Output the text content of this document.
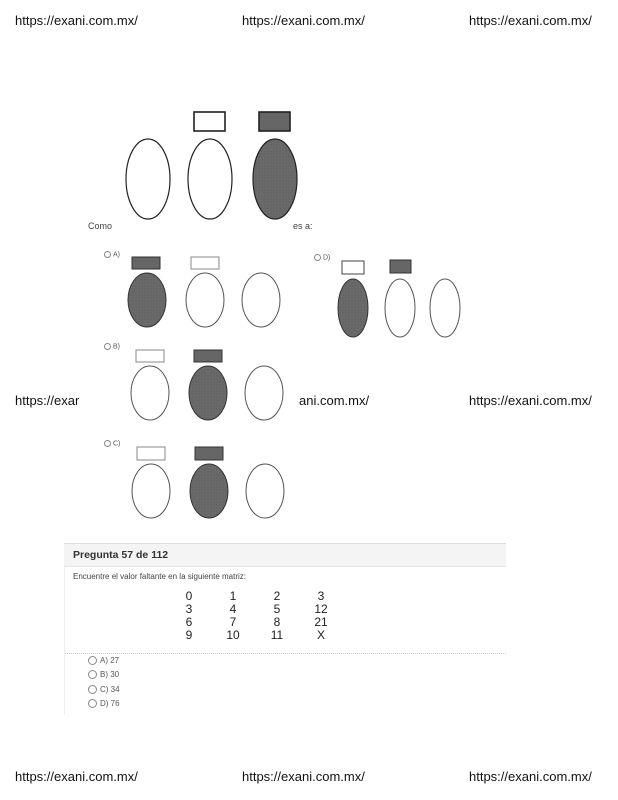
https://exani.com.mx/	https://exani.com.mx/	https://exani.com.mx/
https://exar	ani.com.mx/	https://exani.com.mx/
https://exani.com.mx/	https://exani.com.mx/	https://exani.com.mx/
Como	es a:
A)
B)
C)
D)
Pregunta 57 de 112
Encuentre el valor faltante en la siguiente matriz:
0	1	2	3
3	4	5	12
6	7	8	21
9	10	11	X
A) 27
B) 30
C) 34
D) 76
